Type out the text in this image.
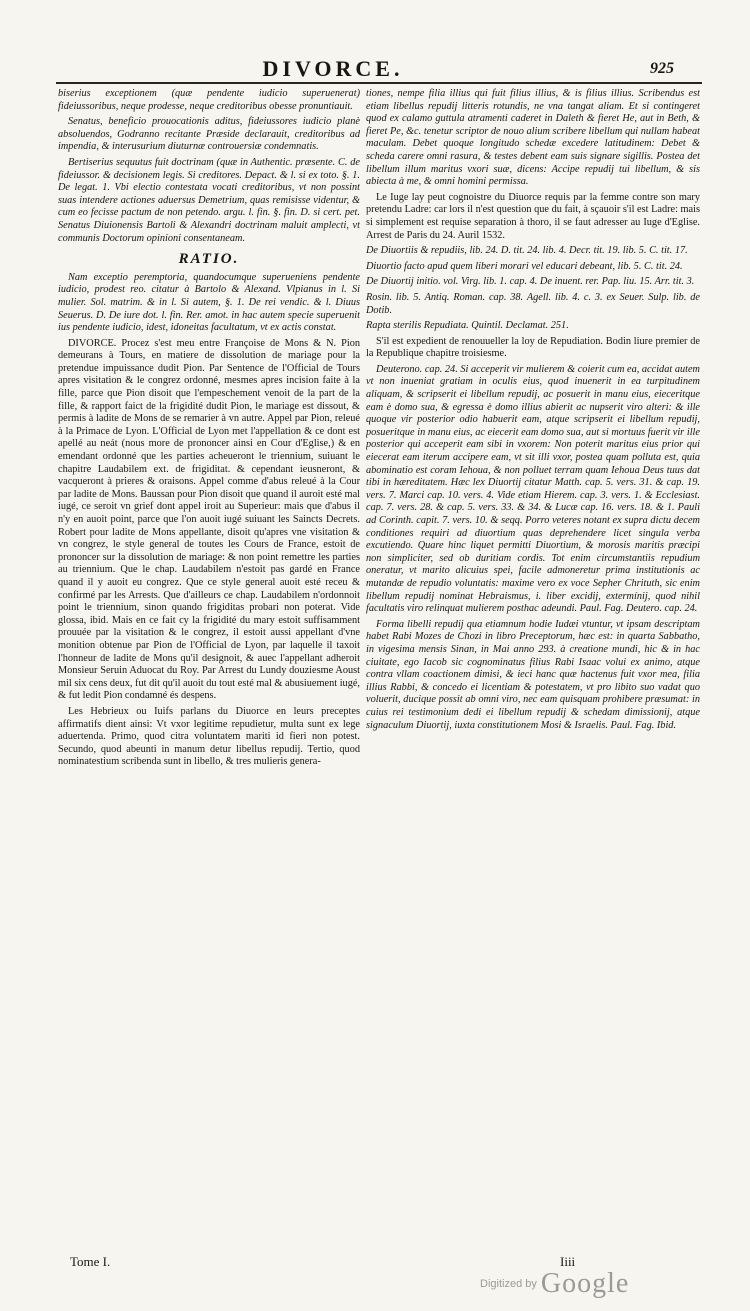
DIVORCE.	925

biserius exceptionem (quæ pendente iudicio superuenerat) fideiussoribus, neque prodesse, neque creditoribus obesse pronuntiauit.

Senatus, beneficio prouocationis aditus, fideiussores iudicio planè absoluendos, Godranno recitante Præside declarauit, creditoribus ad impendia, & interusurium diuturnæ controuersiæ condemnatis.

Bertiserius sequutus fuit doctrinam (quæ in Authentic. præsente. C. de fideiussor. & decisionem legis. Si creditores. Depact. & l. si ex toto. §. 1. De legat. 1. Vbi electio contestata vocati creditoribus, vt non possint suas intendere actiones aduersus Demetrium, quas remisisse videntur, & cum eo fecisse pactum de non petendo. argu. l. fin. §. fin. D. si cert. pet. Senatus Diuionensis Bartoli & Alexandri doctrinam maluit amplecti, vt communis Doctorum opinioni consentaneam.

RATIO.

Nam exceptio peremptoria, quandocumque superueniens pendente iudicio, prodest reo. citatur à Bartolo & Alexand. Vlpianus in l. Si mulier. Sol. matrim. & in l. Si autem, §. 1. De rei vendic. & l. Diuus Seuerus. D. De iure dot. l. fin. Rer. amot. in hac autem specie superuenit ius pendente iudicio, idest, idoneitas facultatum, vt ex actis constat.

DIVORCE. Procez s'est meu entre Françoise de Mons & N. Pion demeurans à Tours, en matiere de dissolution de mariage pour la pretendue impuissance dudit Pion. Par Sentence de l'Official de Tours apres visitation & le congrez ordonné, mesmes apres incision faite à la fille, parce que Pion disoit que l'empeschement venoit de la part de la fille, & rapport faict de la frigidité dudit Pion, le mariage est dissout, & permis à ladite de Mons de se remarier à vn autre. Appel par Pion, releué à la Primace de Lyon. L'Official de Lyon met l'appellation & ce dont est apellé au neát (nous more de prononcer ainsi en Cour d'Eglise,) & en emendant ordonné que les parties acheueront le triennium, suiuant le chapitre Laudabilem ext. de frigiditat. & cependant ieusneront, & vacqueront à prieres & oraisons. Appel comme d'abus releué à la Cour par ladite de Mons. Baussan pour Pion disoit que quand il auroit esté mal iugé, ce seroit vn grief dont appel iroit au Superieur: mais que d'abus il n'y en auoit point, parce que l'on auoit iugé suiuant les Saincts Decrets. Robert pour ladite de Mons appellante, disoit qu'apres vne visitation & vn congrez, le style general de toutes les Cours de France, estoit de prononcer sur la dissolution de mariage: & non point remettre les parties au triennium. Que le chap. Laudabilem n'estoit pas gardé en France quand il y auoit eu congrez. Que ce style general auoit esté receu & confirmé par les Arrests. Que d'ailleurs ce chap. Laudabilem n'ordonnoit point le triennium, sinon quando frigiditas probari non poterat. Vide glossa, ibid. Mais en ce fait cy la frigidité du mary estoit suffisamment prouuée par la visitation & le congrez, il estoit aussi appellant d'vne monition obtenue par Pion de l'Official de Lyon, par laquelle il taxoit l'honneur de ladite de Mons qu'il designoit, & auec l'appellant adheroit Monsieur Seruin Aduocat du Roy. Par Arrest du Lundy douziesme Aoust mil six cens deux, fut dit qu'il auoit du tout esté mal & abusiuement iugé, & fut ledit Pion condamné és despens.

Les Hebrieux ou Iuifs parlans du Diuorce en leurs preceptes affirmatifs dient ainsi: Vt vxor legitime repudietur, multa sunt ex lege aduertenda. Primo, quod citra voluntatem mariti id fieri non potest. Secundo, quod abeunti in manum detur libellus repudij. Tertio, quod nominatestium scribenda sunt in libello, & tres mulieris genera-

tiones, nempe filia illius qui fuit filius illius, & is filius illius. Scribendus est etiam libellus repudij litteris rotundis, ne vna tangat aliam. Et si contingeret quod ex calamo guttula atramenti caderet in Daleth & fieret He, aut in Beth, & fieret Pe, &c. tenetur scriptor de nouo alium scribere libellum qui nullam habeat maculam. Debet quoque longitudo schedæ excedere latitudinem: Debet & scheda carere omni rasura, & testes debent eam suis signare sigillis. Postea det libellum illum maritus vxori suæ, dicens: Accipe repudij tui libellum, & sis abiecta à me, & omni homini permissa.

Le Iuge lay peut cognoistre du Diuorce requis par la femme contre son mary pretendu Ladre: car lors il n'est question que du fait, à sçauoir s'il est Ladre: mais si simplement est requise separation à thoro, il se faut adresser au Iuge d'Eglise. Arrest de Paris du 24. Auril 1532.

De Diuortiis & repudiis, lib. 24. D. tit. 24. lib. 4. Decr. tit. 19. lib. 5. C. tit. 17.

Diuortio facto apud quem liberi morari vel educari debeant, lib. 5. C. tit. 24.

De Diuortij initio. vol. Virg. lib. 1. cap. 4. De inuent. rer. Pap. liu. 15. Arr. tit. 3.

Rosin. lib. 5. Antiq. Roman. cap. 38. Agell. lib. 4. c. 3. ex Seuer. Sulp. lib. de Dotib.

Rapta sterilis Repudiata. Quintil. Declamat. 251.

S'il est expedient de renouueller la loy de Repudiation. Bodin liure premier de la Republique chapitre troisiesme.

Deuterono. cap. 24. Si acceperit vir mulierem & coierit cum ea, accidat autem vt non inueniat gratiam in oculis eius, quod inuenerit in ea turpitudinem aliquam, & scripserit ei libellum repudij, ac posuerit in manu eius, eieceritque eam è domo sua, & egressa è domo illius abierit ac nupserit viro alteri: & ille quoque vir posterior odio habuerit eam, atque scripserit ei libellum repudij, posueritque in manu eius, ac eiecerit eam domo sua, aut si mortuus fuerit vir ille posterior qui acceperit eam sibi in vxorem: Non poterit maritus eius prior qui eiecerat eam iterum accipere eam, vt sit illi vxor, postea quam polluta est, quia abominatio est coram Iehoua, & non polluet terram quam Iehoua Deus tuus dat tibi in hæreditatem. Hæc lex Diuortij citatur Matth. cap. 5. vers. 31. & cap. 19. vers. 7. Marci cap. 10. vers. 4. Vide etiam Hierem. cap. 3. vers. 1. & Ecclesiast. cap. 7. vers. 28. & cap. 5. vers. 33. & 34. & Lucæ cap. 16. vers. 18. & 1. Pauli ad Corinth. capit. 7. vers. 10. & seqq. Porro veteres notant ex supra dictu decem conditiones requiri ad diuortium quas deprehendere licet singula verba excutiendo. Quare hinc liquet permitti Diuortium, & morosis maritis præcipi non simpliciter, sed ob duritiam cordis. Tot enim circumstantiis repudium oneratur, vt marito alicuius spei, facile admoneretur prima institutionis ac mutandæ de repudio voluntatis: maxime vero ex voce Sepher Chrituth, sic enim libellum repudij nominat Hebraismus, i. liber excidij, extermínij, quod nihil facultatis viro relinquat mulierem posthac adeundi. Paul. Fag. Deutero. cap. 24.

Forma libelli repudij qua etiamnum hodie Iudæi vtuntur, vt ipsam descriptam habet Rabi Mozes de Chozi in libro Preceptorum, hæc est: in quarta Sabbatho, in vigesima mensis Sinan, in Mai anno 293. à creatione mundi, hic & in hac ciuitate, ego Iacob sic cognominatus filius Rabi Isaac volui ex animo, atque contra vllam coactionem dimisi, & ieci hanc quæ hactenus fuit vxor mea, filia illius Rabbi, & concedo ei licentiam & potestatem, vt pro libito suo vadat quo voluerit, ducique possit ab omni viro, nec eam quisquam prohibere præsumat: in cuius rei testimonium dedi ei libellum repudij & schedam dimissionij, atque signaculum Diuortij, iuxta constitutionem Mosi & Israelis. Paul. Fag. Ibid.

Tome I.	Iiii
Digitized by Google
